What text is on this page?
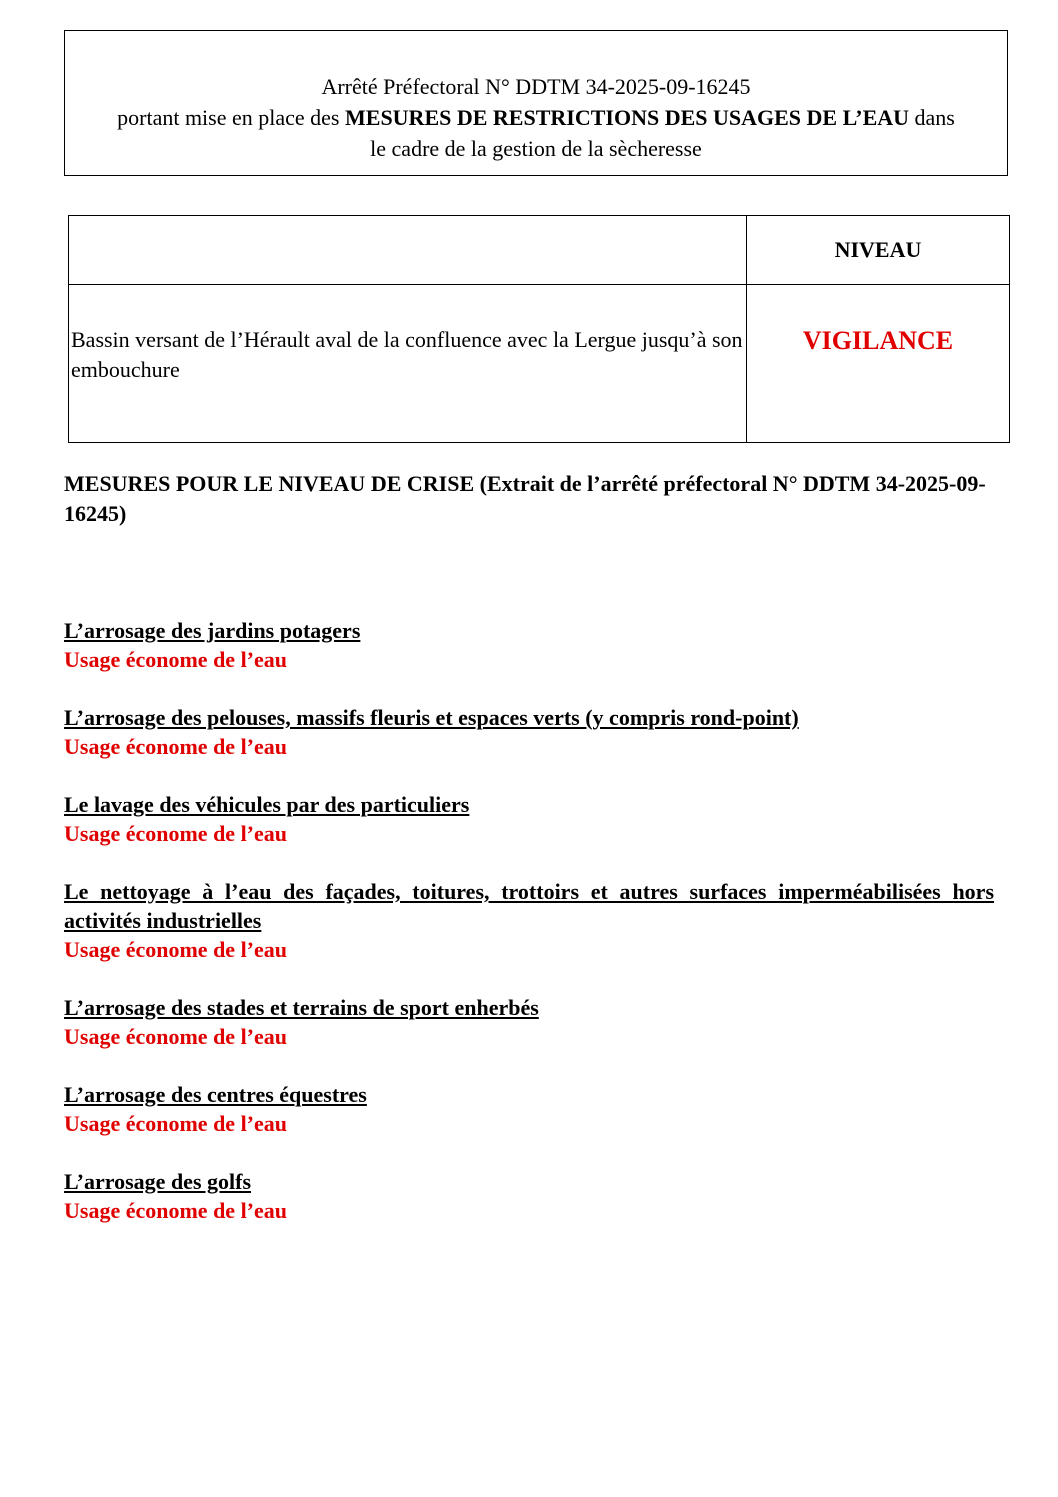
Arrêté Préfectoral N° DDTM 34-2025-09-16245
portant mise en place des MESURES DE RESTRICTIONS DES USAGES DE L’EAU dans
le cadre de la gestion de la sècheresse
	NIVEAU
Bassin versant de l’Hérault aval de la confluence avec la Lergue jusqu’à son embouchure	VIGILANCE
MESURES POUR LE NIVEAU DE CRISE (Extrait de l’arrêté préfectoral N° DDTM 34-2025-09-16245)
L’arrosage des jardins potagers
Usage économe de l’eau
L’arrosage des pelouses, massifs fleuris et espaces verts (y compris rond-point)
Usage économe de l’eau
Le lavage des véhicules par des particuliers
Usage économe de l’eau
Le nettoyage à l’eau des façades, toitures, trottoirs et autres surfaces imperméabilisées hors activités industrielles
Usage économe de l’eau
L’arrosage des stades et terrains de sport enherbés
Usage économe de l’eau
L’arrosage des centres équestres
Usage économe de l’eau
L’arrosage des golfs
Usage économe de l’eau
